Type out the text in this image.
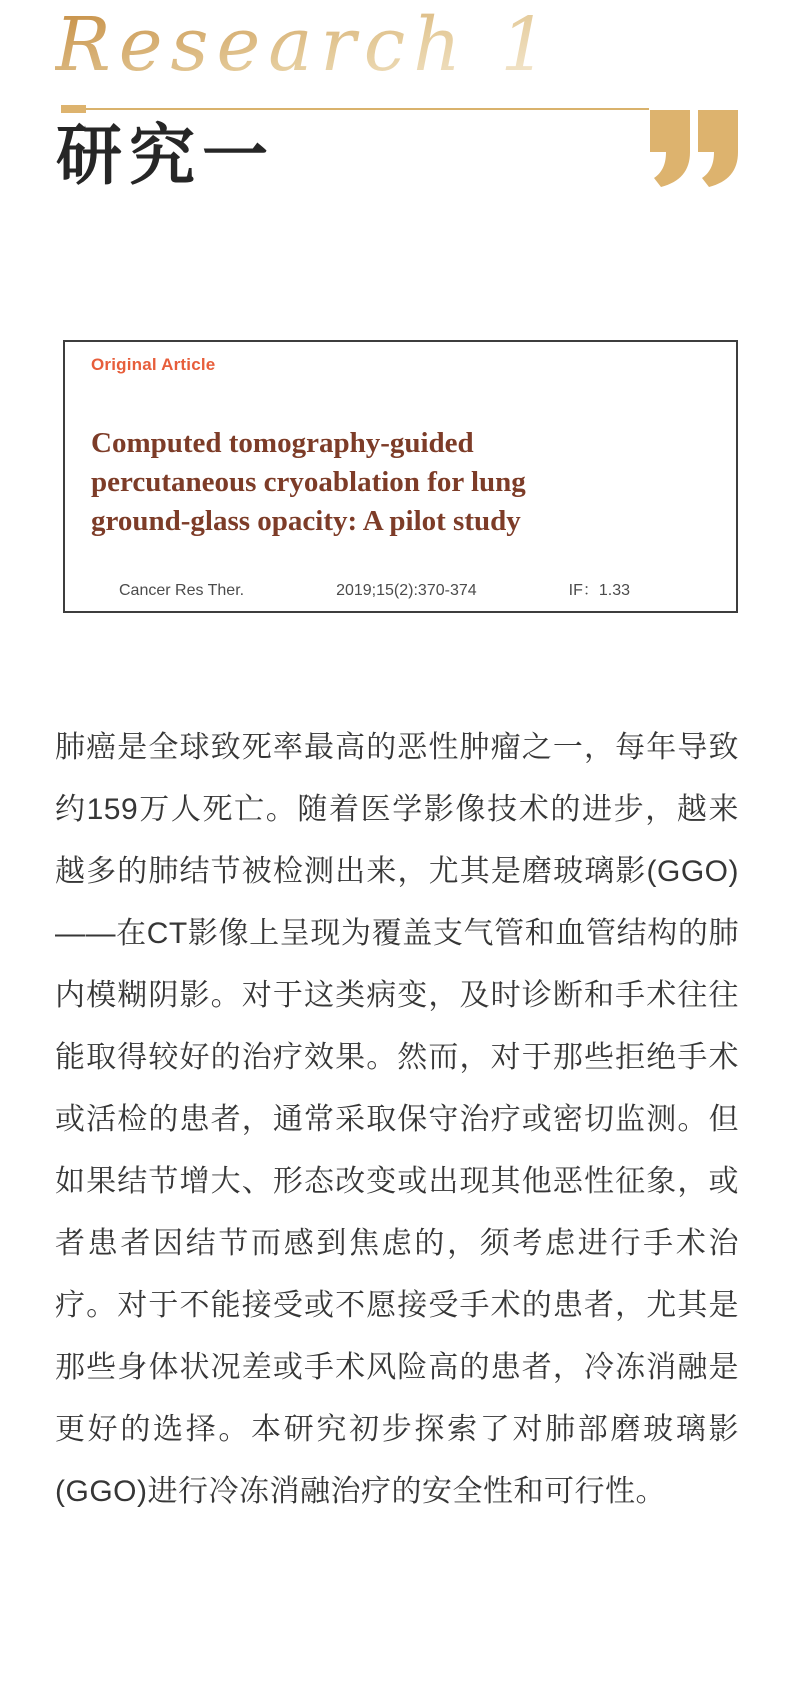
Research 1
研究一
Original Article
Computed tomography-guided
percutaneous cryoablation for lung
ground-glass opacity: A pilot study
Cancer Res Ther.	2019;15(2):370-374	IF：1.33

肺癌是全球致死率最高的恶性肿瘤之一，每年导致约159万人死亡。随着医学影像技术的进步，越来越多的肺结节被检测出来，尤其是磨玻璃影(GGO)——在CT影像上呈现为覆盖支气管和血管结构的肺内模糊阴影。对于这类病变，及时诊断和手术往往能取得较好的治疗效果。然而，对于那些拒绝手术或活检的患者，通常采取保守治疗或密切监测。但如果结节增大、形态改变或出现其他恶性征象，或者患者因结节而感到焦虑的，须考虑进行手术治疗。对于不能接受或不愿接受手术的患者，尤其是那些身体状况差或手术风险高的患者，冷冻消融是更好的选择。本研究初步探索了对肺部磨玻璃影(GGO)进行冷冻消融治疗的安全性和可行性。
